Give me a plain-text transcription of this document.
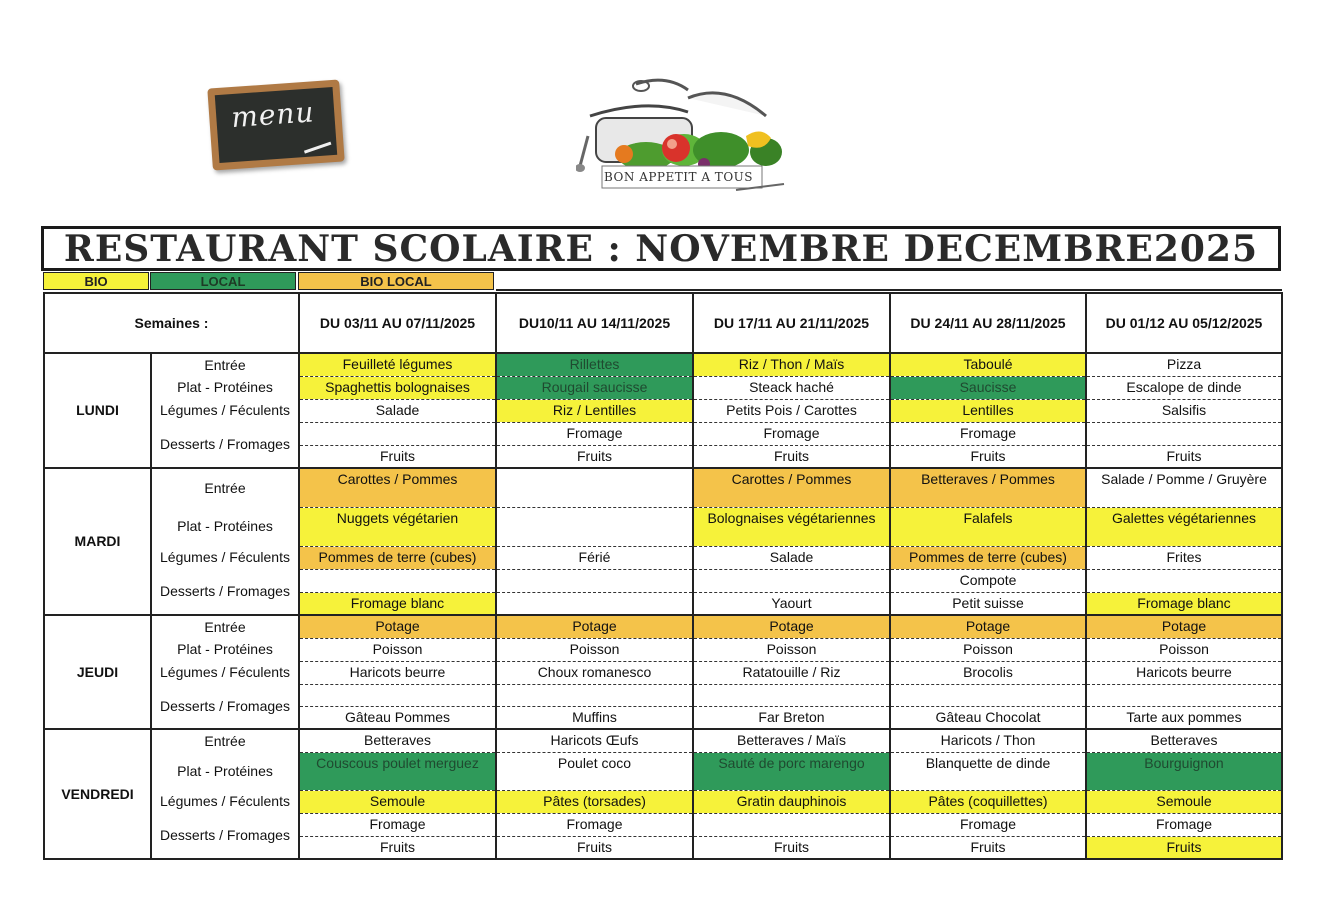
menu
BON APPETIT A TOUS
RESTAURANT SCOLAIRE : NOVEMBRE DECEMBRE2025
BIO	LOCAL	BIO LOCAL
Semaines :		DU 03/11 AU 07/11/2025	DU10/11 AU 14/11/2025	DU 17/11 AU 21/11/2025	DU 24/11 AU 28/11/2025	DU 01/12 AU 05/12/2025
LUNDI	Entrée	Feuilleté légumes	Rillettes	Riz / Thon / Maïs	Taboulé	Pizza
	Plat - Protéines	Spaghettis bolognaises	Rougail saucisse	Steack haché	Saucisse	Escalope de dinde
	Légumes / Féculents	Salade	Riz / Lentilles	Petits Pois / Carottes	Lentilles	Salsifis
	Desserts / Fromages		Fromage	Fromage	Fromage	
		Fruits	Fruits	Fruits	Fruits	Fruits
MARDI	Entrée	Carottes / Pommes		Carottes / Pommes	Betteraves / Pommes	Salade / Pomme / Gruyère
	Plat - Protéines	Nuggets végétarien		Bolognaises végétariennes	Falafels	Galettes végétariennes
	Légumes / Féculents	Pommes de terre (cubes)	Férié	Salade	Pommes de terre (cubes)	Frites
	Desserts / Fromages				Compote	
		Fromage blanc		Yaourt	Petit suisse	Fromage blanc
JEUDI	Entrée	Potage	Potage	Potage	Potage	Potage
	Plat - Protéines	Poisson	Poisson	Poisson	Poisson	Poisson
	Légumes / Féculents	Haricots beurre	Choux romanesco	Ratatouille / Riz	Brocolis	Haricots beurre
	Desserts / Fromages					
		Gâteau Pommes	Muffins	Far Breton	Gâteau Chocolat	Tarte aux pommes
VENDREDI	Entrée	Betteraves	Haricots Œufs	Betteraves / Maïs	Haricots / Thon	Betteraves
	Plat - Protéines	Couscous poulet merguez	Poulet coco	Sauté de porc marengo	Blanquette de dinde	Bourguignon
	Légumes / Féculents	Semoule	Pâtes (torsades)	Gratin dauphinois	Pâtes (coquillettes)	Semoule
	Desserts / Fromages	Fromage	Fromage		Fromage	Fromage
		Fruits	Fruits	Fruits	Fruits	Fruits
